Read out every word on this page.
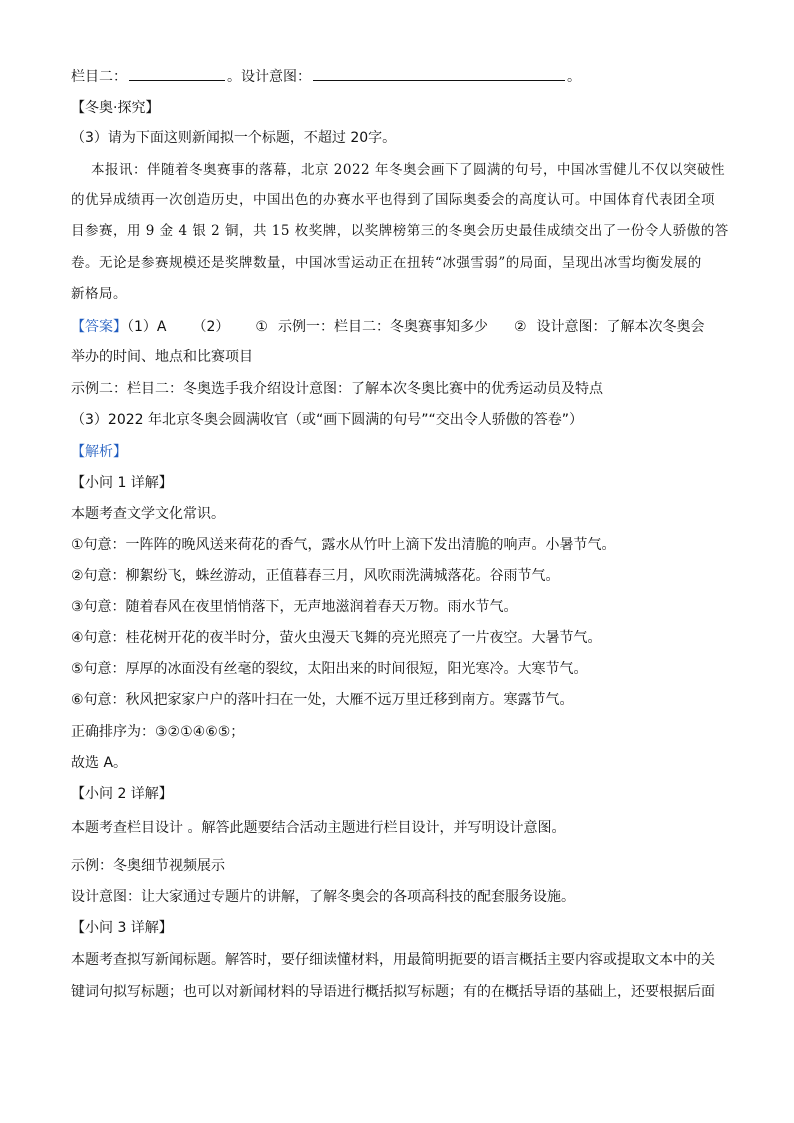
栏目二：	。设计意图：	。
【冬奥·探究】
（3）请为下面这则新闻拟一个标题，不超过 20字。
本报讯：伴随着冬奥赛事的落幕，北京 2022 年冬奥会画下了圆满的句号，中国冰雪健儿不仅以突破性
的优异成绩再一次创造历史，中国出色的办赛水平也得到了国际奥委会的高度认可。中国体育代表团全项
目参赛，用 9 金 4 银 2 铜，共 15 枚奖牌，以奖牌榜第三的冬奥会历史最佳成绩交出了一份令人骄傲的答
卷。无论是参赛规模还是奖牌数量，中国冰雪运动正在扭转“冰强雪弱”的局面，呈现出冰雪均衡发展的
新格局。
【答案】（1）A （2） ① 示例一：栏目二：冬奥赛事知多少 ② 设计意图：了解本次冬奥会
举办的时间、地点和比赛项目
示例二：栏目二：冬奥选手我介绍设计意图：了解本次冬奥比赛中的优秀运动员及特点
（3）2022 年北京冬奥会圆满收官（或“画下圆满的句号”“交出令人骄傲的答卷”）
【解析】
【小问 1 详解】
本题考查文学文化常识。
①句意：一阵阵的晚风送来荷花的香气，露水从竹叶上滴下发出清脆的响声。小暑节气。
②句意：柳絮纷飞，蛛丝游动，正值暮春三月，风吹雨洗满城落花。谷雨节气。
③句意：随着春风在夜里悄悄落下，无声地滋润着春天万物。雨水节气。
④句意：桂花树开花的夜半时分，萤火虫漫天飞舞的亮光照亮了一片夜空。大暑节气。
⑤句意：厚厚的冰面没有丝毫的裂纹，太阳出来的时间很短，阳光寒冷。大寒节气。
⑥句意：秋风把家家户户的落叶扫在一处，大雁不远万里迁移到南方。寒露节气。
正确排序为：③②①④⑥⑤；
故选 A。
【小问 2 详解】
本题考查栏目设计 。解答此题要结合活动主题进行栏目设计，并写明设计意图。
示例：冬奥细节视频展示
设计意图：让大家通过专题片的讲解，了解冬奥会的各项高科技的配套服务设施。
【小问 3 详解】
本题考查拟写新闻标题。解答时，要仔细读懂材料，用最简明扼要的语言概括主要内容或提取文本中的关
键词句拟写标题；也可以对新闻材料的导语进行概括拟写标题；有的在概括导语的基础上，还要根据后面
